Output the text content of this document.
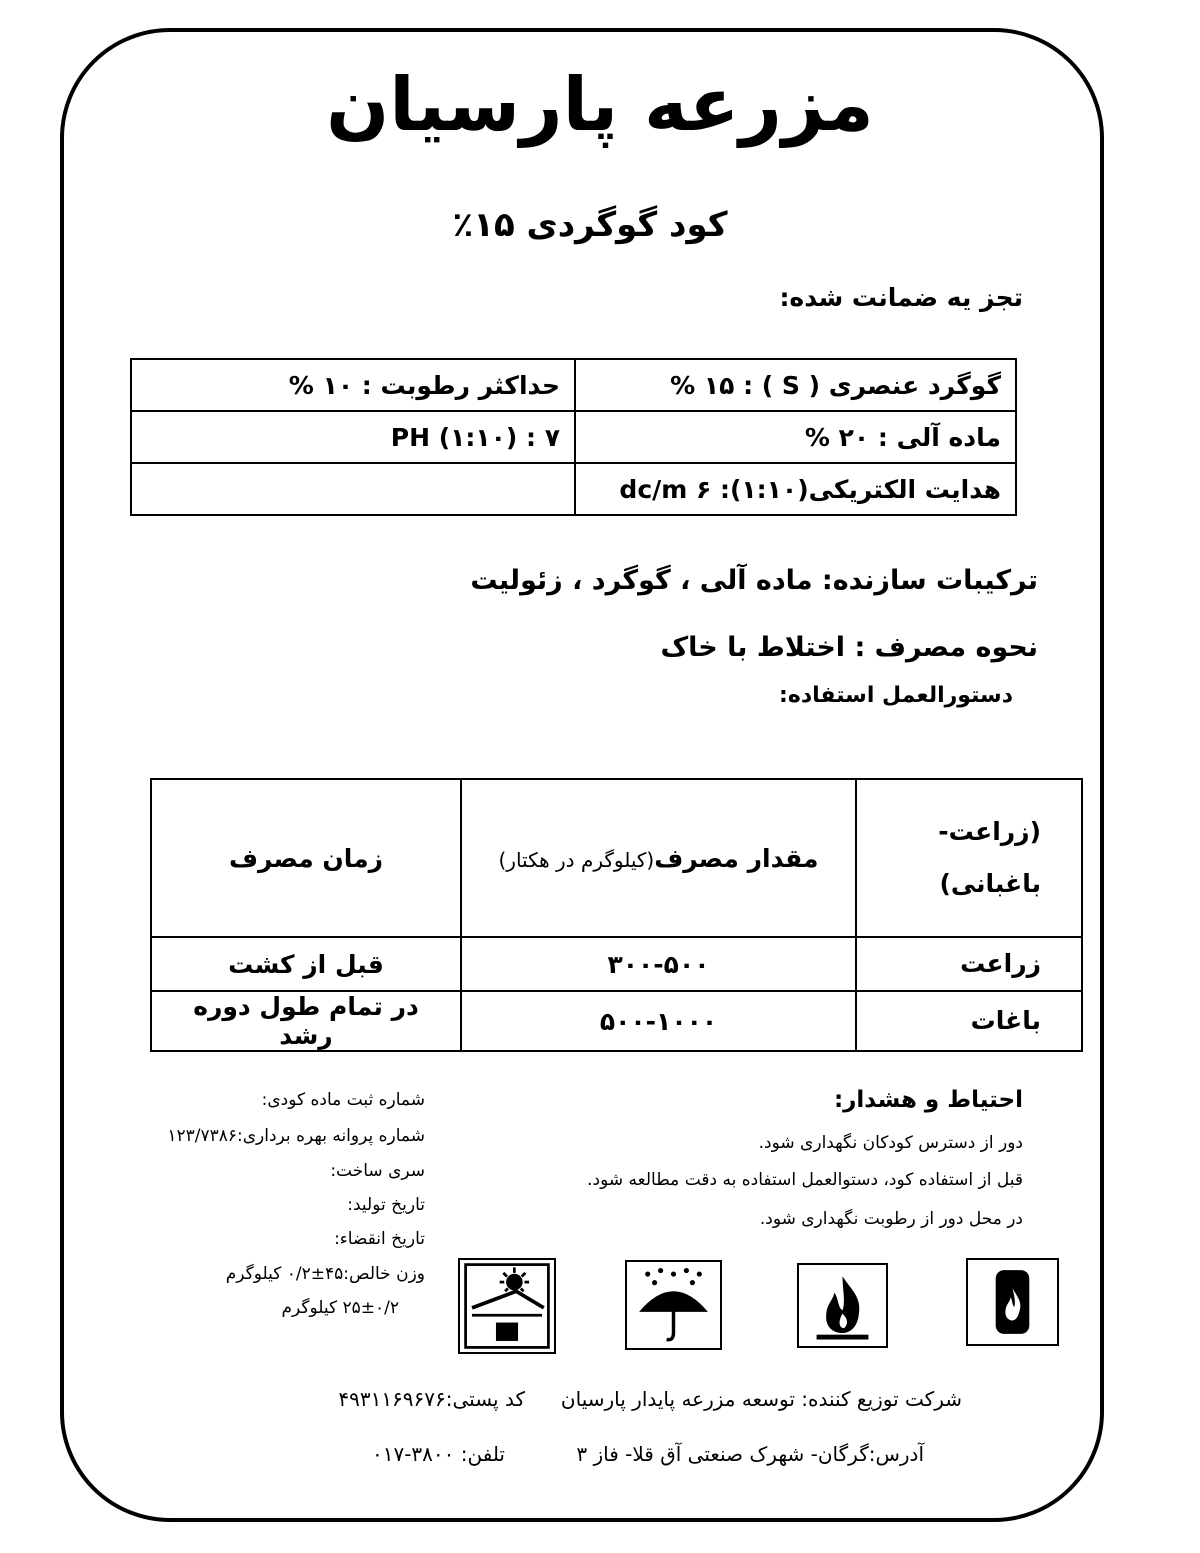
مزرعه پارسیان
کود گوگردی ۱۵٪
تجز یه ضمانت شده:
گوگرد عنصری ( S ) : ۱۵ %	حداکثر رطوبت : ۱۰ %
ماده آلی : ۲۰ %	PH (۱:۱۰) : ۷
هدایت الکتریکی(۱:۱۰): dc/m ۶	
ترکیبات سازنده: ماده آلی ، گوگرد ، زئولیت
نحوه مصرف : اختلاط با خاک
دستورالعمل استفاده:
(زراعت-
باغبانی)	مقدار مصرف(کیلوگرم در هکتار)	زمان مصرف
زراعت	۳۰۰-۵۰۰	قبل از کشت
باغات	۵۰۰-۱۰۰۰	در تمام طول دوره رشد
احتیاط و هشدار:
دور از دسترس کودکان نگهداری شود.
قبل از استفاده کود، دستوالعمل استفاده به دقت مطالعه شود.
در محل دور از رطوبت نگهداری شود.
شماره ثبت ماده کودی:
شماره پروانه بهره برداری:۱۲۳/۷۳۸۶
سری ساخت:
تاریخ تولید:
تاریخ انقضاء:
وزن خالص:۴۵±۰/۲ کیلوگرم
۲۵±۰/۲ کیلوگرم
شرکت توزیع کننده: توسعه مزرعه پایدار پارسیان
کد پستی:۴۹۳۱۱۶۹۶۷۶
آدرس:گرگان- شهرک صنعتی آق قلا- فاز ۳
تلفن: ۳۸۰۰-۰۱۷
